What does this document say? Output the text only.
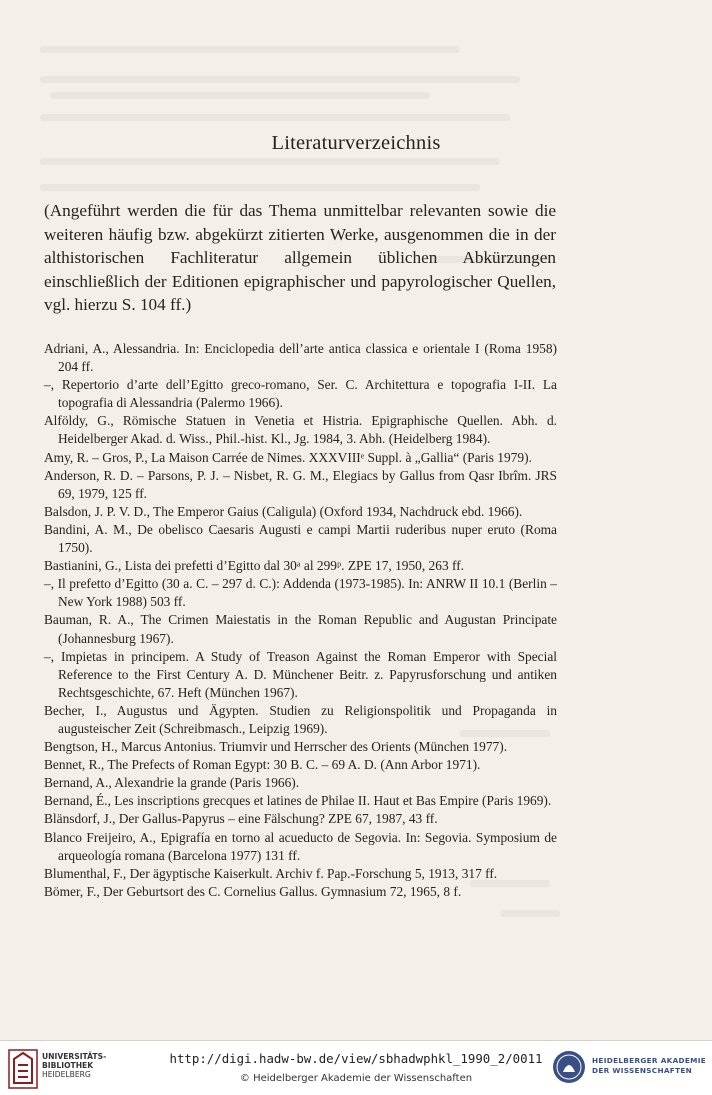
Literaturverzeichnis
(Angeführt werden die für das Thema unmittelbar relevanten sowie die weiteren häufig bzw. abgekürzt zitierten Werke, ausgenommen die in der althistorischen Fachliteratur allgemein üblichen Abkürzungen einschließlich der Editionen epigraphischer und papyrologischer Quellen, vgl. hierzu S. 104 ff.)
Adriani, A., Alessandria. In: Enciclopedia dell’arte antica classica e orientale I (Roma 1958) 204 ff.
–, Repertorio d’arte dell’Egitto greco-romano, Ser. C. Architettura e topografia I-II. La topografia di Alessandria (Palermo 1966).
Alföldy, G., Römische Statuen in Venetia et Histria. Epigraphische Quellen. Abh. d. Heidelberger Akad. d. Wiss., Phil.-hist. Kl., Jg. 1984, 3. Abh. (Heidelberg 1984).
Amy, R. – Gros, P., La Maison Carrée de Nimes. XXXVIIIᵉ Suppl. à „Gallia“ (Paris 1979).
Anderson, R. D. – Parsons, P. J. – Nisbet, R. G. M., Elegiacs by Gallus from Qasr Ibrîm. JRS 69, 1979, 125 ff.
Balsdon, J. P. V. D., The Emperor Gaius (Caligula) (Oxford 1934, Nachdruck ebd. 1966).
Bandini, A. M., De obelisco Caesaris Augusti e campi Martii ruderibus nuper eruto (Roma 1750).
Bastianini, G., Lista dei prefetti d’Egitto dal 30ᵃ al 299ᵖ. ZPE 17, 1950, 263 ff.
–, Il prefetto d’Egitto (30 a. C. – 297 d. C.): Addenda (1973-1985). In: ANRW II 10.1 (Berlin – New York 1988) 503 ff.
Bauman, R. A., The Crimen Maiestatis in the Roman Republic and Augustan Principate (Johannesburg 1967).
–, Impietas in principem. A Study of Treason Against the Roman Emperor with Special Reference to the First Century A. D. Münchener Beitr. z. Papyrusforschung und antiken Rechtsgeschichte, 67. Heft (München 1967).
Becher, I., Augustus und Ägypten. Studien zu Religionspolitik und Propaganda in augusteischer Zeit (Schreibmasch., Leipzig 1969).
Bengtson, H., Marcus Antonius. Triumvir und Herrscher des Orients (München 1977).
Bennet, R., The Prefects of Roman Egypt: 30 B. C. – 69 A. D. (Ann Arbor 1971).
Bernand, A., Alexandrie la grande (Paris 1966).
Bernand, É., Les inscriptions grecques et latines de Philae II. Haut et Bas Empire (Paris 1969).
Blänsdorf, J., Der Gallus-Papyrus – eine Fälschung? ZPE 67, 1987, 43 ff.
Blanco Freijeiro, A., Epigrafía en torno al acueducto de Segovia. In: Segovia. Symposium de arqueología romana (Barcelona 1977) 131 ff.
Blumenthal, F., Der ägyptische Kaiserkult. Archiv f. Pap.-Forschung 5, 1913, 317 ff.
Bömer, F., Der Geburtsort des C. Cornelius Gallus. Gymnasium 72, 1965, 8 f.
UNIVERSITÄTS-
BIBLIOTHEK
HEIDELBERG
http://digi.hadw-bw.de/view/sbhadwphkl_1990_2/0011
© Heidelberger Akademie der Wissenschaften
HEIDELBERGER AKADEMIE
DER WISSENSCHAFTEN
